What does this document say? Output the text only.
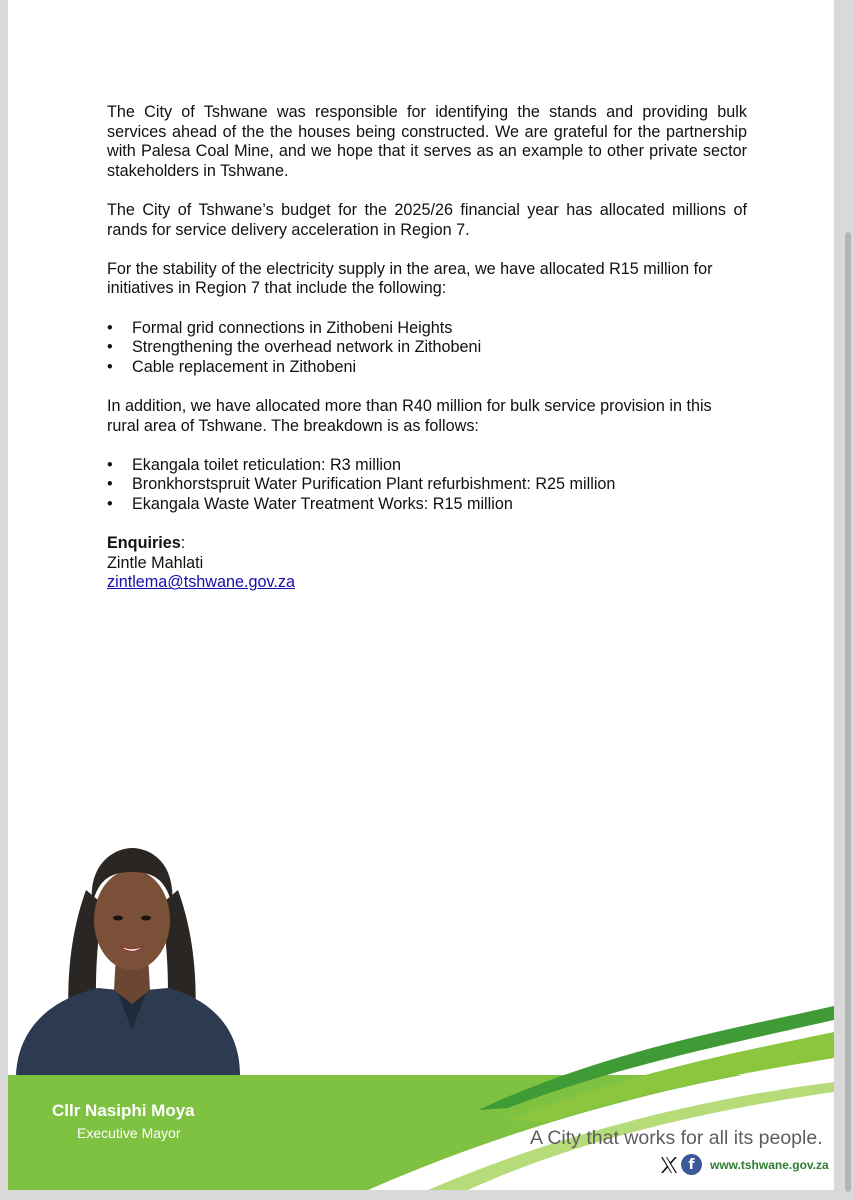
The City of Tshwane was responsible for identifying the stands and providing bulk services ahead of the the houses being constructed. We are grateful for the partnership with Palesa Coal Mine, and we hope that it serves as an example to other private sector stakeholders in Tshwane.

The City of Tshwane’s budget for the 2025/26 financial year has allocated millions of rands for service delivery acceleration in Region 7.

For the stability of the electricity supply in the area, we have allocated R15 million for initiatives in Region 7 that include the following:

• Formal grid connections in Zithobeni Heights
• Strengthening the overhead network in Zithobeni
• Cable replacement in Zithobeni

In addition, we have allocated more than R40 million for bulk service provision in this rural area of Tshwane. The breakdown is as follows:

• Ekangala toilet reticulation: R3 million
• Bronkhorstspruit Water Purification Plant refurbishment: R25 million
• Ekangala Waste Water Treatment Works: R15 million
Enquiries:
Zintle Mahlati
zintlema@tshwane.gov.za
Cllr Nasiphi Moya
Executive Mayor	A City that works for all its people.
f	www.tshwane.gov.za
